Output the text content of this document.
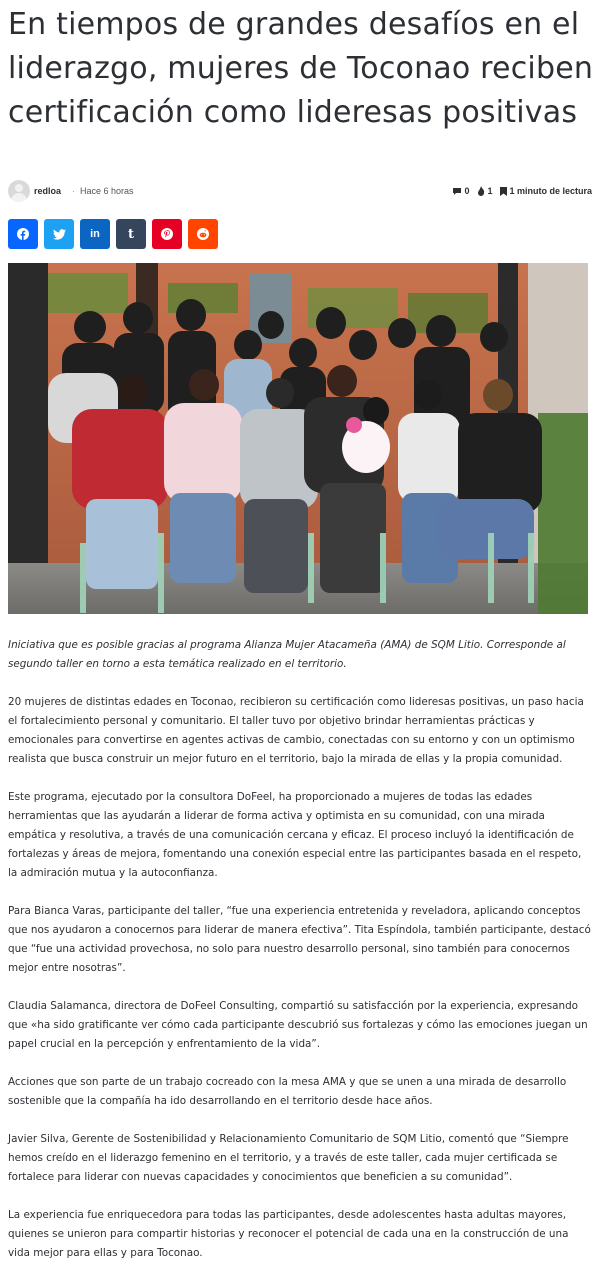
En tiempos de grandes desafíos en el liderazgo, mujeres de Toconao reciben certificación como lideresas positivas
redloa · Hace 6 horas	0 1 1 minuto de lectura
in t

Iniciativa que es posible gracias al programa Alianza Mujer Atacameña (AMA) de SQM Litio. Corresponde al segundo taller en torno a esta temática realizado en el territorio.

20 mujeres de distintas edades en Toconao, recibieron su certificación como lideresas positivas, un paso hacia el fortalecimiento personal y comunitario. El taller tuvo por objetivo brindar herramientas prácticas y emocionales para convertirse en agentes activas de cambio, conectadas con su entorno y con un optimismo realista que busca construir un mejor futuro en el territorio, bajo la mirada de ellas y la propia comunidad.

Este programa, ejecutado por la consultora DoFeel, ha proporcionado a mujeres de todas las edades herramientas que las ayudarán a liderar de forma activa y optimista en su comunidad, con una mirada empática y resolutiva, a través de una comunicación cercana y eficaz. El proceso incluyó la identificación de fortalezas y áreas de mejora, fomentando una conexión especial entre las participantes basada en el respeto, la admiración mutua y la autoconfianza.

Para Bianca Varas, participante del taller, “fue una experiencia entretenida y reveladora, aplicando conceptos que nos ayudaron a conocernos para liderar de manera efectiva”. Tita Espíndola, también participante, destacó que “fue una actividad provechosa, no solo para nuestro desarrollo personal, sino también para conocernos mejor entre nosotras”.

Claudia Salamanca, directora de DoFeel Consulting, compartió su satisfacción por la experiencia, expresando que «ha sido gratificante ver cómo cada participante descubrió sus fortalezas y cómo las emociones juegan un papel crucial en la percepción y enfrentamiento de la vida”.

Acciones que son parte de un trabajo cocreado con la mesa AMA y que se unen a una mirada de desarrollo sostenible que la compañía ha ido desarrollando en el territorio desde hace años.

Javier Silva, Gerente de Sostenibilidad y Relacionamiento Comunitario de SQM Litio, comentó que “Siempre hemos creído en el liderazgo femenino en el territorio, y a través de este taller, cada mujer certificada se fortalece para liderar con nuevas capacidades y conocimientos que beneficien a su comunidad”.

La experiencia fue enriquecedora para todas las participantes, desde adolescentes hasta adultas mayores, quienes se unieron para compartir historias y reconocer el potencial de cada una en la construcción de una vida mejor para ellas y para Toconao.
